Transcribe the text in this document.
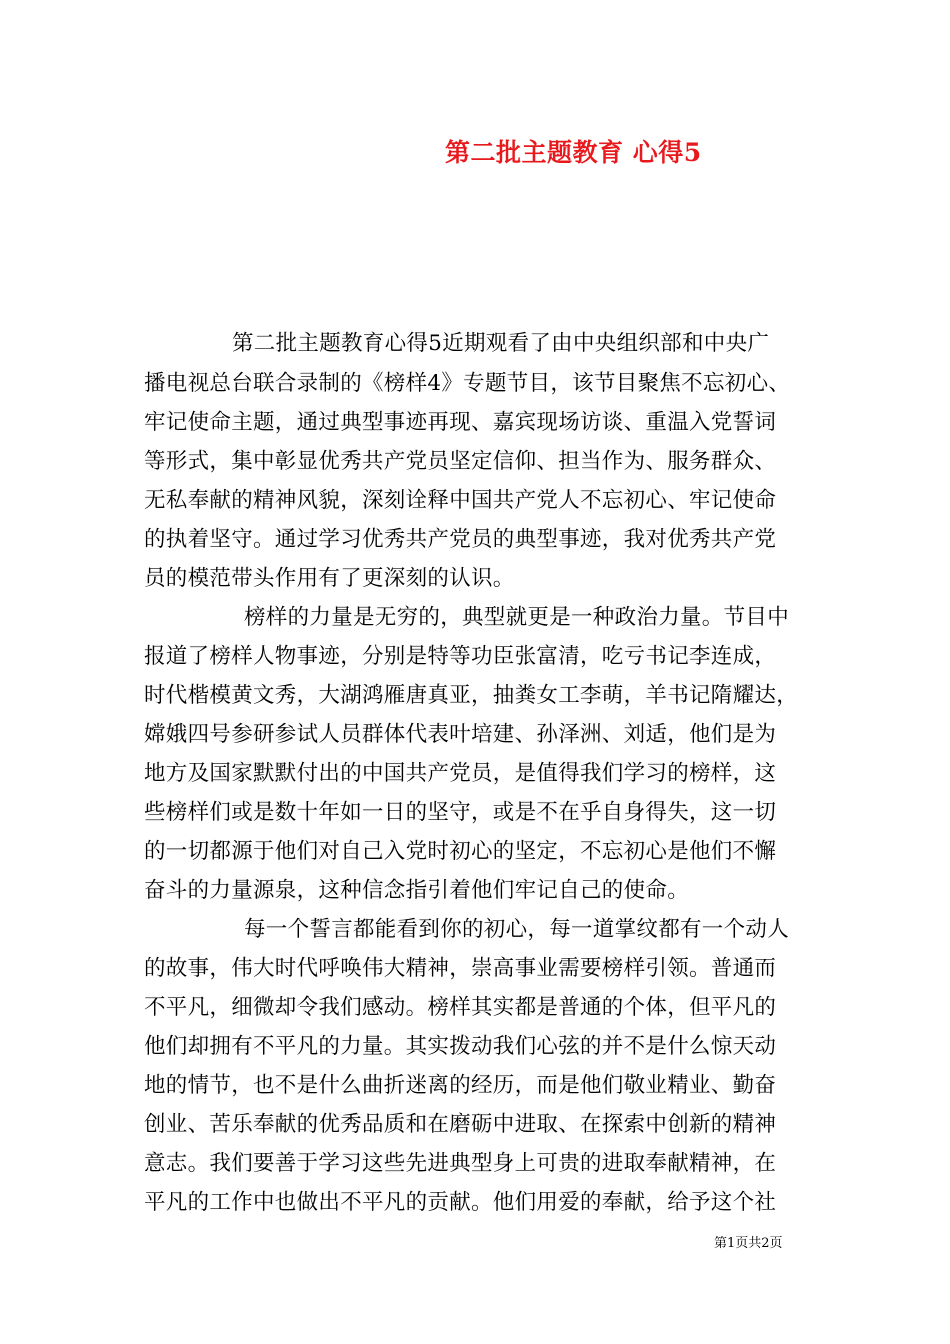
第二批主题教育 心得5
第二批主题教育心得5近期观看了由中央组织部和中央广
播电视总台联合录制的《榜样4》专题节目，该节目聚焦不忘初心、
牢记使命主题，通过典型事迹再现、嘉宾现场访谈、重温入党誓词
等形式，集中彰显优秀共产党员坚定信仰、担当作为、服务群众、
无私奉献的精神风貌，深刻诠释中国共产党人不忘初心、牢记使命
的执着坚守。通过学习优秀共产党员的典型事迹，我对优秀共产党
员的模范带头作用有了更深刻的认识。
榜样的力量是无穷的，典型就更是一种政治力量。节目中
报道了榜样人物事迹，分别是特等功臣张富清，吃亏书记李连成，
时代楷模黄文秀，大湖鸿雁唐真亚，抽粪女工李萌，羊书记隋耀达，
嫦娥四号参研参试人员群体代表叶培建、孙泽洲、刘适，他们是为
地方及国家默默付出的中国共产党员，是值得我们学习的榜样，这
些榜样们或是数十年如一日的坚守，或是不在乎自身得失，这一切
的一切都源于他们对自己入党时初心的坚定，不忘初心是他们不懈
奋斗的力量源泉，这种信念指引着他们牢记自己的使命。
每一个誓言都能看到你的初心，每一道掌纹都有一个动人
的故事，伟大时代呼唤伟大精神，崇高事业需要榜样引领。普通而
不平凡，细微却令我们感动。榜样其实都是普通的个体，但平凡的
他们却拥有不平凡的力量。其实拨动我们心弦的并不是什么惊天动
地的情节，也不是什么曲折迷离的经历，而是他们敬业精业、勤奋
创业、苦乐奉献的优秀品质和在磨砺中进取、在探索中创新的精神
意志。我们要善于学习这些先进典型身上可贵的进取奉献精神，在
平凡的工作中也做出不平凡的贡献。他们用爱的奉献，给予这个社
第1页共2页
